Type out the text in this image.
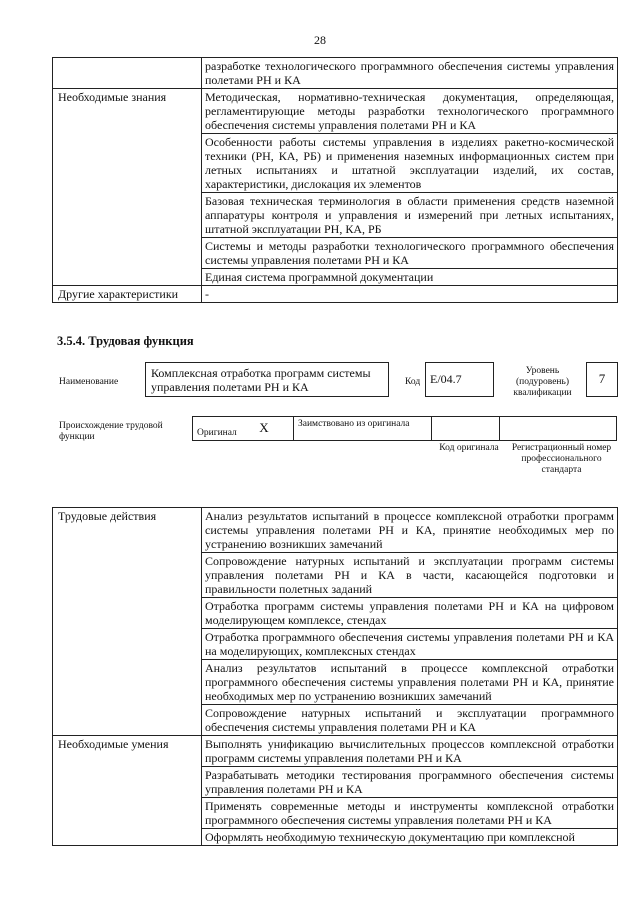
28
	разработке технологического программного обеспечения системы управления полетами РН и КА
Необходимые знания	Методическая, нормативно-техническая документация, определяющая, регламентирующие методы разработки технологического программного обеспечения системы управления полетами РН и КА
	Особенности работы системы управления в изделиях ракетно-космической техники (РН, КА, РБ) и применения наземных информационных систем при летных испытаниях и штатной эксплуатации изделий, их состав, характеристики, дислокация их элементов
	Базовая техническая терминология в области применения средств наземной аппаратуры контроля и управления и измерений при летных испытаниях, штатной эксплуатации РН, КА, РБ
	Системы и методы разработки технологического программного обеспечения системы управления полетами РН и КА
	Единая система программной документации
Другие характеристики	-
3.5.4. Трудовая функция
Наименование
Комплексная отработка программ системы управления полетами РН и КА	Код E/04.7
Уровень (подуровень) квалификации
7
Происхождение трудовой функции	Оригинал X	Заимствовано из оригинала		
Код оригинала	Регистрационный номер профессионального стандарта
Трудовые действия	Анализ результатов испытаний в процессе комплексной отработки программ системы управления полетами РН и КА, принятие необходимых мер по устранению возникших замечаний
	Сопровождение натурных испытаний и эксплуатации программ системы управления полетами РН и КА в части, касающейся подготовки и правильности полетных заданий
	Отработка программ системы управления полетами РН и КА на цифровом моделирующем комплексе, стендах
	Отработка программного обеспечения системы управления полетами РН и КА на моделирующих, комплексных стендах
	Анализ результатов испытаний в процессе комплексной отработки программного обеспечения системы управления полетами РН и КА, принятие необходимых мер по устранению возникших замечаний
	Сопровождение натурных испытаний и эксплуатации программного обеспечения системы управления полетами РН и КА
Необходимые умения	Выполнять унификацию вычислительных процессов комплексной отработки программ системы управления полетами РН и КА
	Разрабатывать методики тестирования программного обеспечения системы управления полетами РН и КА
	Применять современные методы и инструменты комплексной отработки программного обеспечения системы управления полетами РН и КА
	Оформлять необходимую техническую документацию при комплексной
